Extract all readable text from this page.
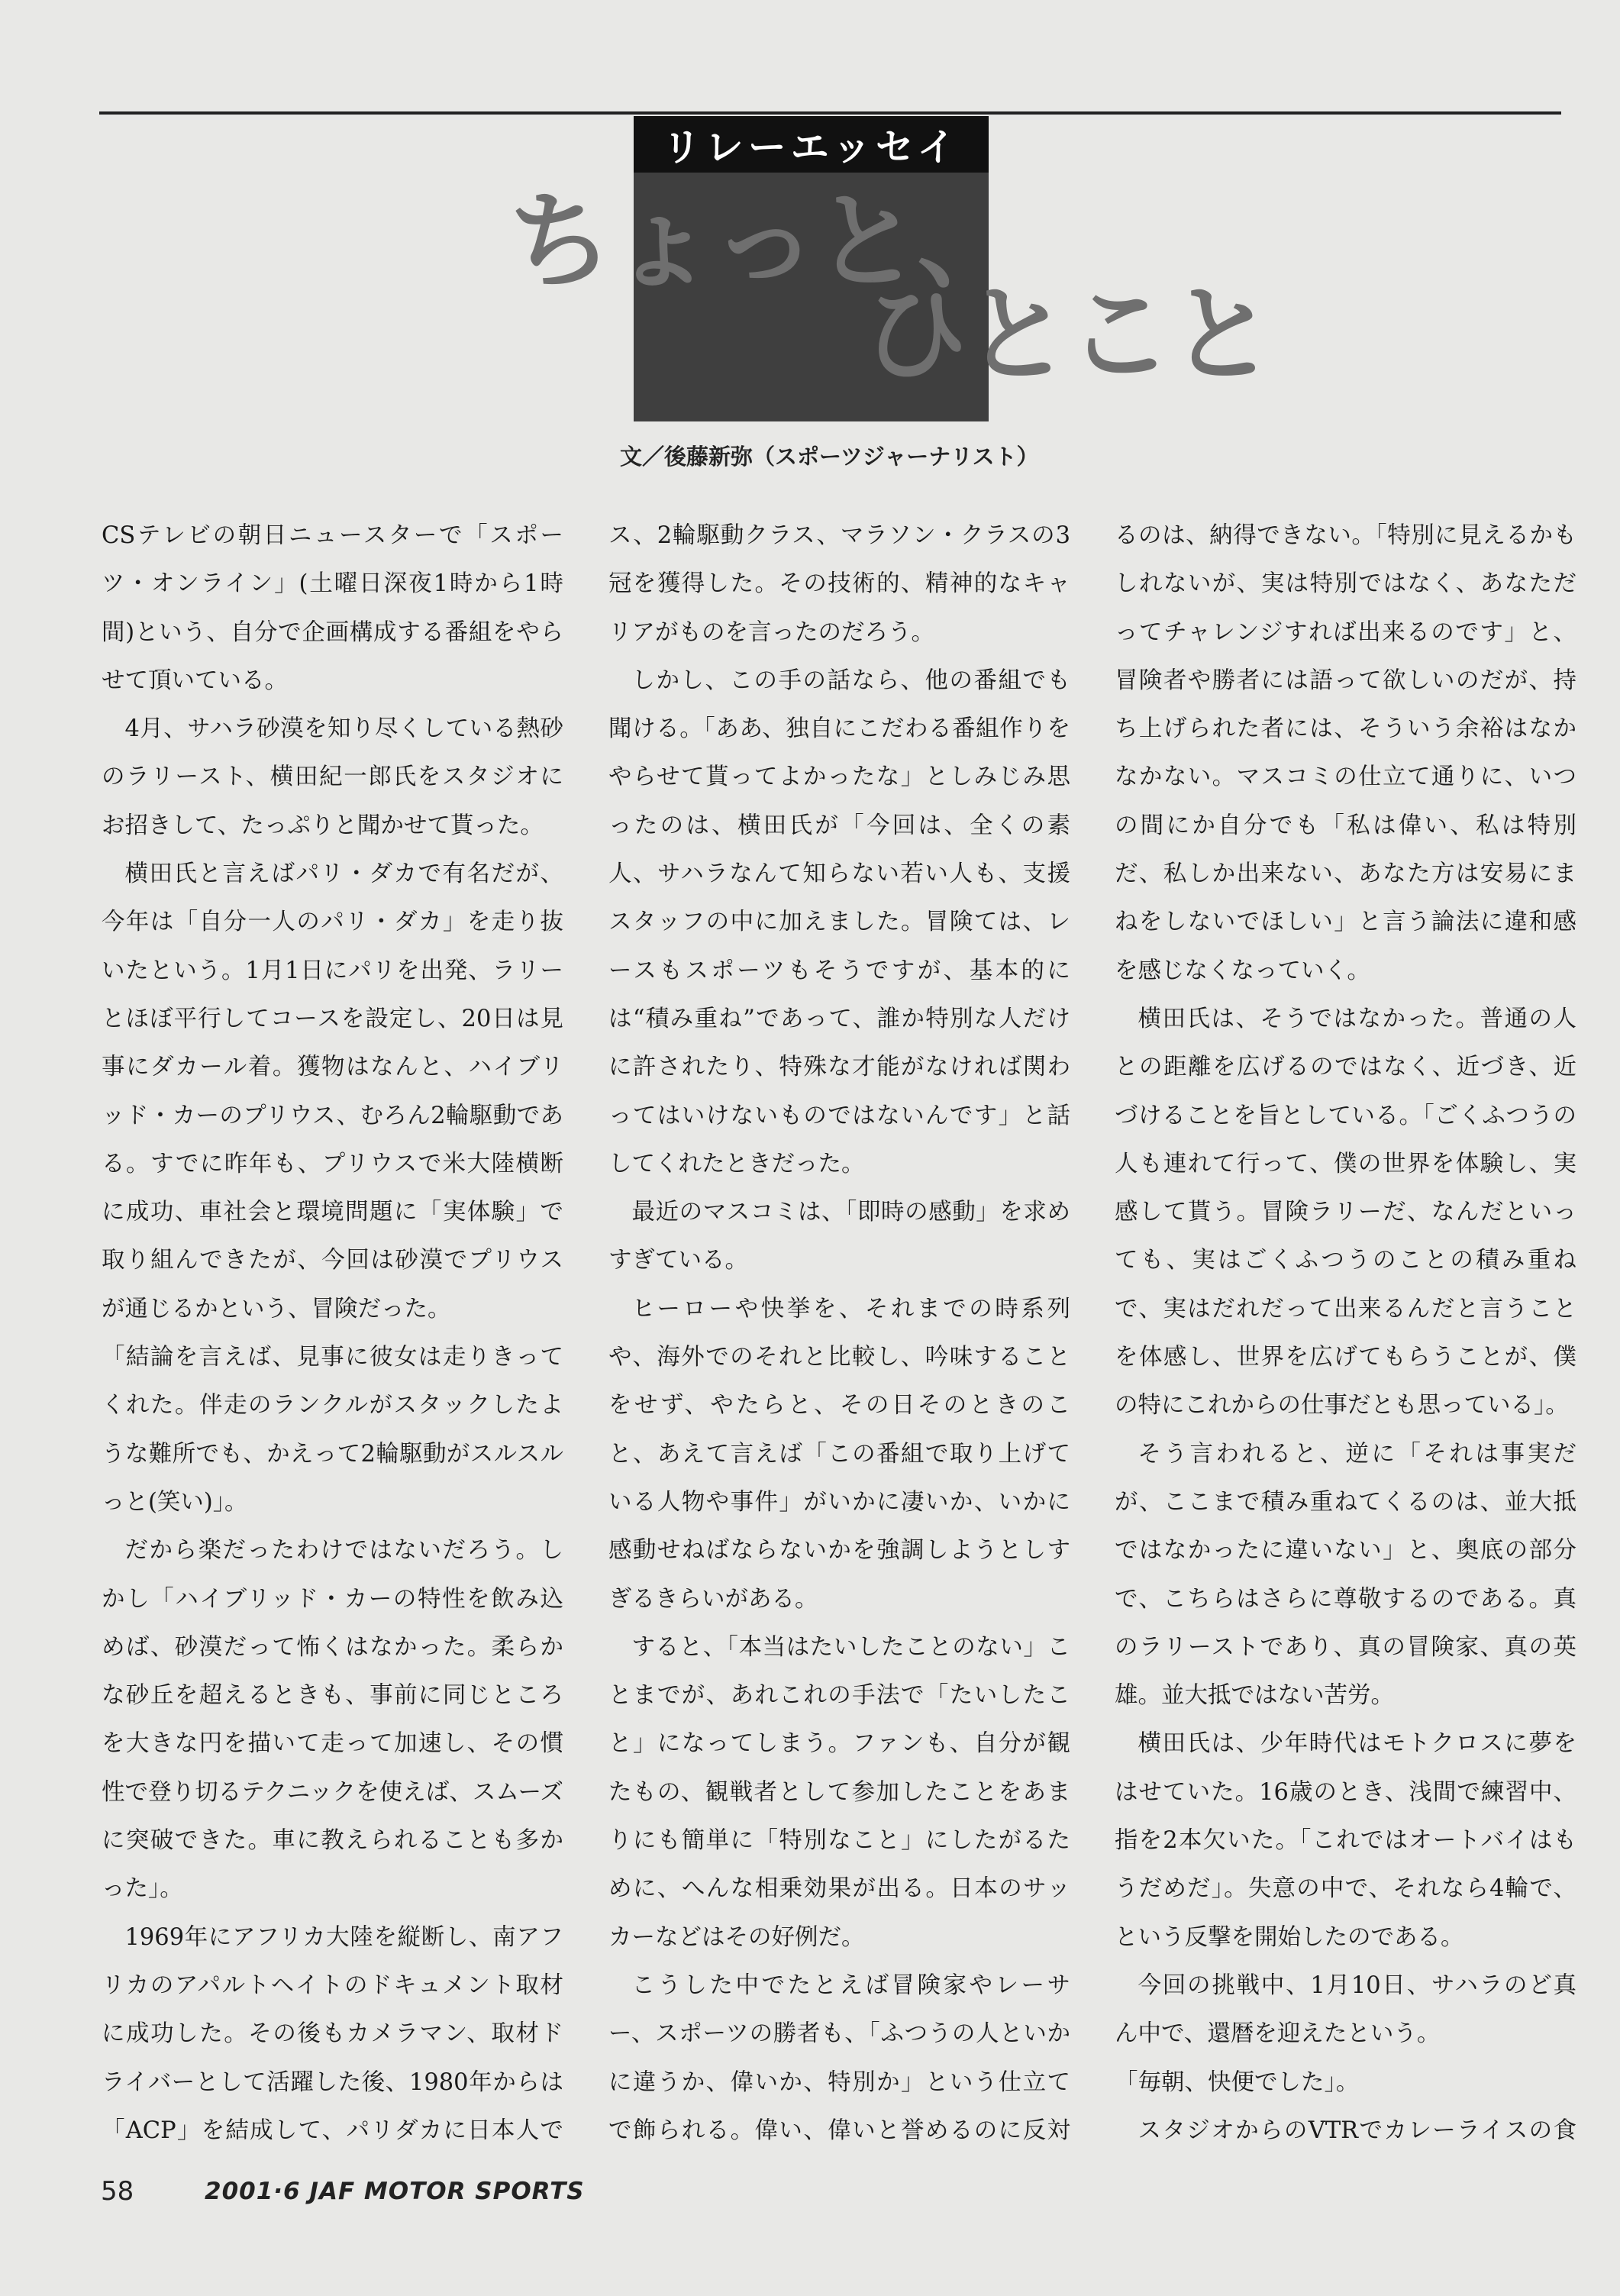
リレーエッセイ
ちょっと、
ひとこと
文／後藤新弥（スポーツジャーナリスト）

CSテレビの朝日ニュースターで「スポーツ・オンライン」(土曜日深夜1時から1時間)という、自分で企画構成する番組をやらせて頂いている。

4月、サハラ砂漠を知り尽くしている熱砂のラリースト、横田紀一郎氏をスタジオにお招きして、たっぷりと聞かせて貰った。

横田氏と言えばパリ・ダカで有名だが、今年は「自分一人のパリ・ダカ」を走り抜いたという。1月1日にパリを出発、ラリーとほぼ平行してコースを設定し、20日は見事にダカール着。獲物はなんと、ハイブリッド・カーのプリウス、むろん2輪駆動である。すでに昨年も、プリウスで米大陸横断に成功、車社会と環境問題に「実体験」で取り組んできたが、今回は砂漠でプリウスが通じるかという、冒険だった。

「結論を言えば、見事に彼女は走りきってくれた。伴走のランクルがスタックしたような難所でも、かえって2輪駆動がスルスルっと(笑い)」。

だから楽だったわけではないだろう。しかし「ハイブリッド・カーの特性を飲み込めば、砂漠だって怖くはなかった。柔らかな砂丘を超えるときも、事前に同じところを大きな円を描いて走って加速し、その慣性で登り切るテクニックを使えば、スムーズに突破できた。車に教えられることも多かった」。

1969年にアフリカ大陸を縦断し、南アフリカのアパルトヘイトのドキュメント取材に成功した。その後もカメラマン、取材ドライバーとして活躍した後、1980年からは「ACP」を結成して、パリダカに日本人で

ス、2輪駆動クラス、マラソン・クラスの3冠を獲得した。その技術的、精神的なキャリアがものを言ったのだろう。

しかし、この手の話なら、他の番組でも聞ける。「ああ、独自にこだわる番組作りをやらせて貰ってよかったな」としみじみ思ったのは、横田氏が「今回は、全くの素人、サハラなんて知らない若い人も、支援スタッフの中に加えました。冒険ては、レースもスポーツもそうですが、基本的には“積み重ね”であって、誰か特別な人だけに許されたり、特殊な才能がなければ関わってはいけないものではないんです」と話してくれたときだった。

最近のマスコミは、「即時の感動」を求めすぎている。

ヒーローや快挙を、それまでの時系列や、海外でのそれと比較し、吟味することをせず、やたらと、その日そのときのこと、あえて言えば「この番組で取り上げている人物や事件」がいかに凄いか、いかに感動せねばならないかを強調しようとしすぎるきらいがある。

すると、「本当はたいしたことのない」ことまでが、あれこれの手法で「たいしたこと」になってしまう。ファンも、自分が観たもの、観戦者として参加したことをあまりにも簡単に「特別なこと」にしたがるために、へんな相乗効果が出る。日本のサッカーなどはその好例だ。

こうした中でたとえば冒険家やレーサー、スポーツの勝者も、「ふつうの人といかに違うか、偉いか、特別か」という仕立てで飾られる。偉い、偉いと誉めるのに反対

るのは、納得できない。「特別に見えるかもしれないが、実は特別ではなく、あなただってチャレンジすれば出来るのです」と、冒険者や勝者には語って欲しいのだが、持ち上げられた者には、そういう余裕はなかなかない。マスコミの仕立て通りに、いつの間にか自分でも「私は偉い、私は特別だ、私しか出来ない、あなた方は安易にまねをしないでほしい」と言う論法に違和感を感じなくなっていく。

横田氏は、そうではなかった。普通の人との距離を広げるのではなく、近づき、近づけることを旨としている。「ごくふつうの人も連れて行って、僕の世界を体験し、実感して貰う。冒険ラリーだ、なんだといっても、実はごくふつうのことの積み重ねで、実はだれだって出来るんだと言うことを体感し、世界を広げてもらうことが、僕の特にこれからの仕事だとも思っている」。

そう言われると、逆に「それは事実だが、ここまで積み重ねてくるのは、並大抵ではなかったに違いない」と、奥底の部分で、こちらはさらに尊敬するのである。真のラリーストであり、真の冒険家、真の英雄。並大抵ではない苦労。

横田氏は、少年時代はモトクロスに夢をはせていた。16歳のとき、浅間で練習中、指を2本欠いた。「これではオートバイはもうだめだ」。失意の中で、それなら4輪で、という反撃を開始したのである。

今回の挑戦中、1月10日、サハラのど真ん中で、還暦を迎えたという。

「毎朝、快便でした」。

スタジオからのVTRでカレーライスの食

58	2001·6 JAF MOTOR SPORTS
